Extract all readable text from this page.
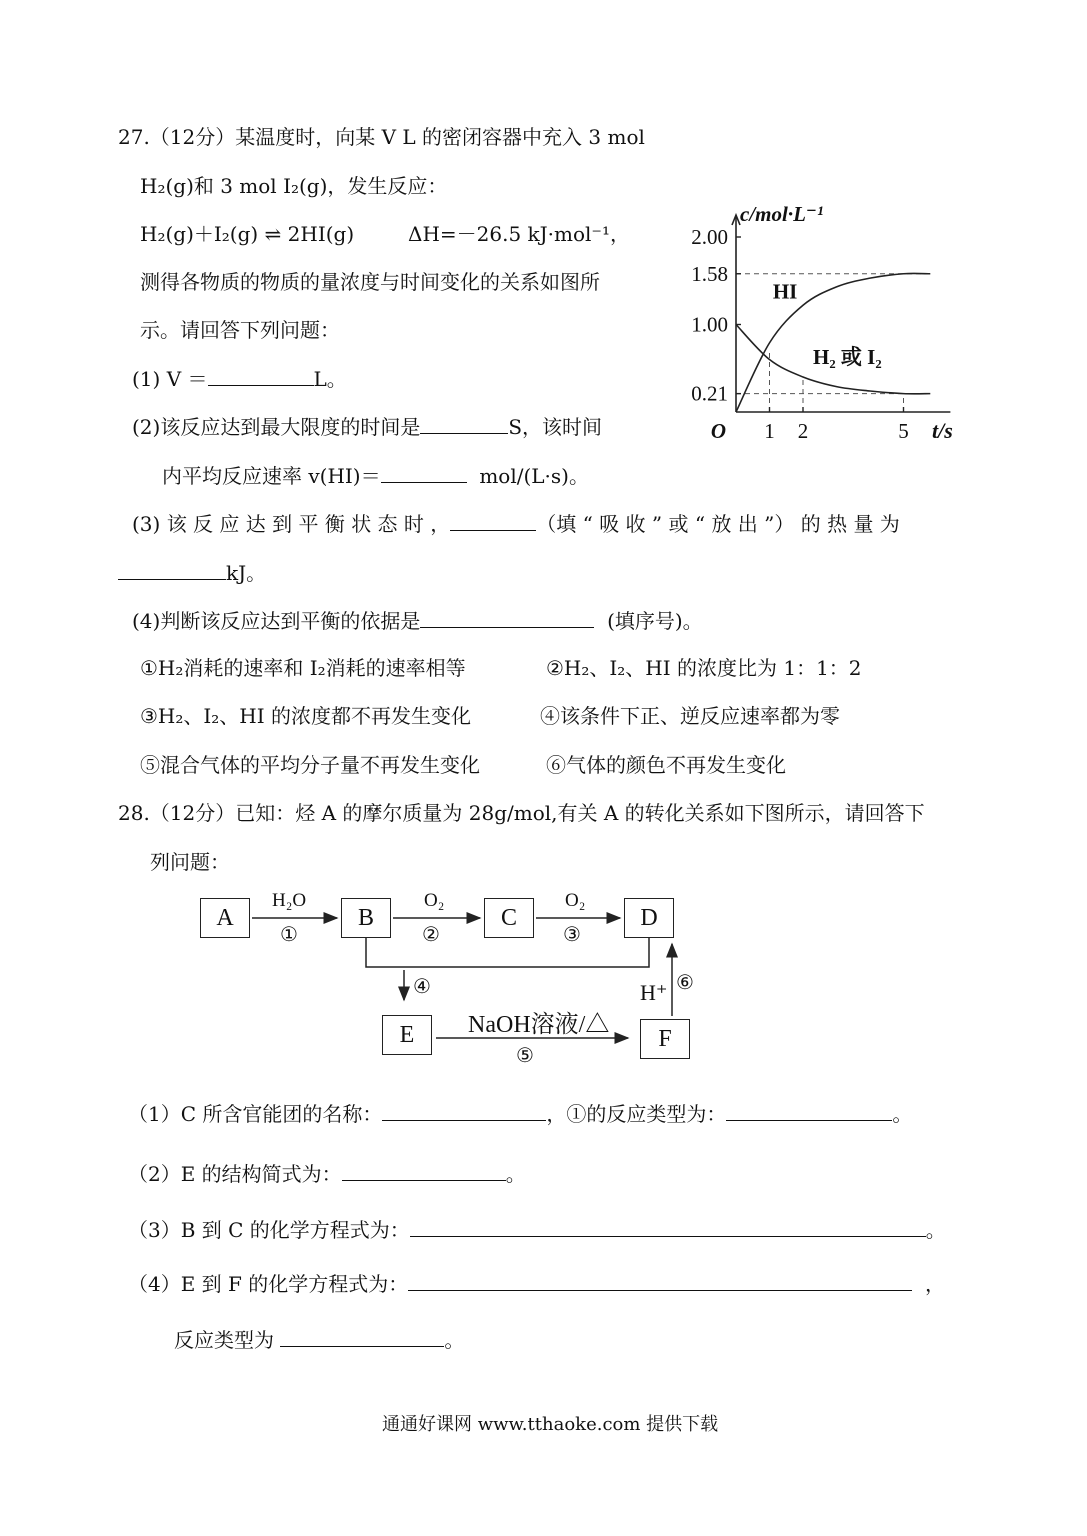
27.（12分）某温度时，向某 V L 的密闭容器中充入 3 mol
H₂(g)和 3 mol I₂(g)，发生反应：
H₂(g)＋I₂(g) ⇌ 2HI(g)	ΔH=－26.5 kJ·mol⁻¹，
测得各物质的物质的量浓度与时间变化的关系如图所
示。请回答下列问题：
(1) V ＝	L。
(2)该反应达到最大限度的时间是	S，该时间
内平均反应速率 v(HI)＝	mol/(L·s)。
(3) 该 反 应 达 到 平 衡 状 态 时 ，	（填 “ 吸 收 ” 或 “ 放 出 ”） 的 热 量 为
kJ。
(4)判断该反应达到平衡的依据是	(填序号)。
①H₂消耗的速率和 I₂消耗的速率相等	②H₂、I₂、HI 的浓度比为 1：1：2
③H₂、I₂、HI 的浓度都不再发生变化	④该条件下正、逆反应速率都为零
⑤混合气体的平均分子量不再发生变化	⑥气体的颜色不再发生变化
2.00
1.58
1.00
0.21
1 2	5
HI
H₂ 或 I₂
c/mol·L⁻¹
t/s
O
28.（12分）已知：烃 A 的摩尔质量为 28g/mol,有关 A 的转化关系如下图所示，请回答下
列问题：
A	B	C	D
E	F
H₂O
①
O₂
②
O₂
③
④
NaOH溶液/△
⑤
H⁺ ⑥
（1）C 所含官能团的名称：	，①的反应类型为：	。
（2）E 的结构简式为：	。
（3）B 到 C 的化学方程式为：	。
（4）E 到 F 的化学方程式为：	，
反应类型为	。
通通好课网 www.tthaoke.com 提供下载
